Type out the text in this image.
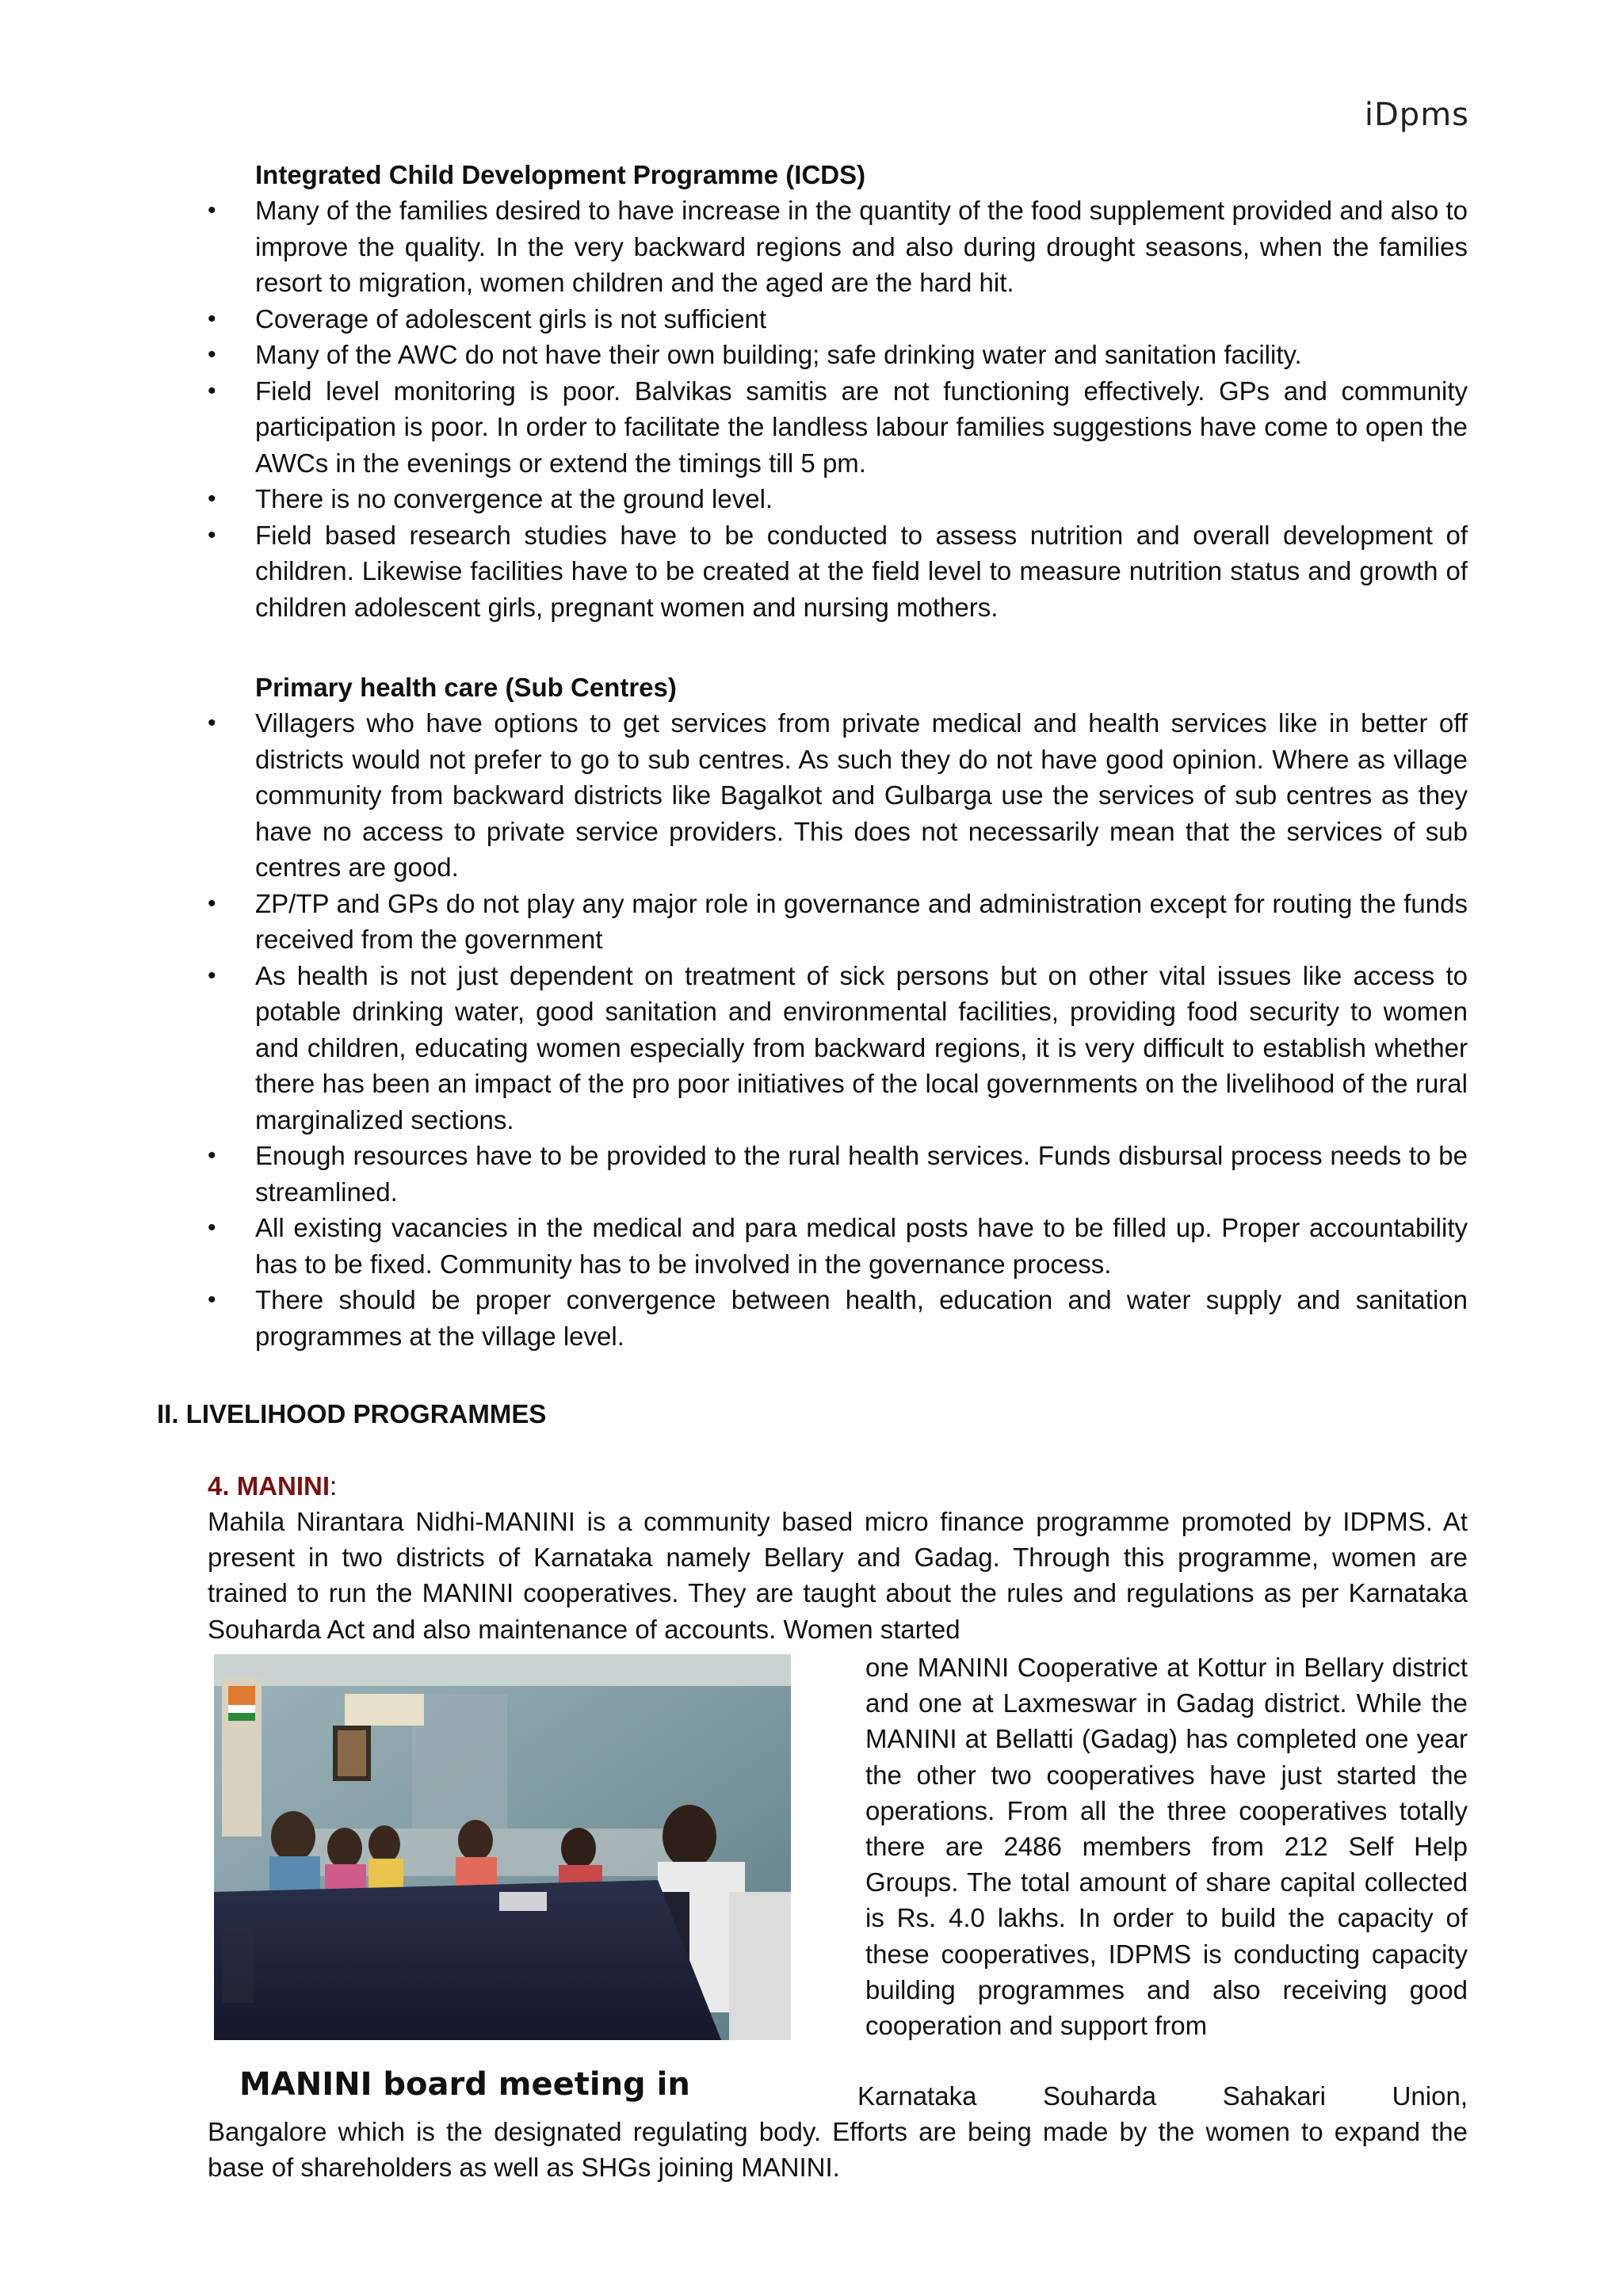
iDpms

Integrated Child Development Programme (ICDS)

• Many of the families desired to have increase in the quantity of the food supplement provided and also to improve the quality. In the very backward regions and also during drought seasons, when the families resort to migration, women children and the aged are the hard hit.
• Coverage of adolescent girls is not sufficient
• Many of the AWC do not have their own building; safe drinking water and sanitation facility.
• Field level monitoring is poor. Balvikas samitis are not functioning effectively. GPs and community participation is poor. In order to facilitate the landless labour families suggestions have come to open the AWCs in the evenings or extend the timings till 5 pm.
• There is no convergence at the ground level.
• Field based research studies have to be conducted to assess nutrition and overall development of children. Likewise facilities have to be created at the field level to measure nutrition status and growth of children adolescent girls, pregnant women and nursing mothers.

Primary health care (Sub Centres)

• Villagers who have options to get services from private medical and health services like in better off districts would not prefer to go to sub centres. As such they do not have good opinion. Where as village community from backward districts like Bagalkot and Gulbarga use the services of sub centres as they have no access to private service providers. This does not necessarily mean that the services of sub centres are good.
• ZP/TP and GPs do not play any major role in governance and administration except for routing the funds received from the government
• As health is not just dependent on treatment of sick persons but on other vital issues like access to potable drinking water, good sanitation and environmental facilities, providing food security to women and children, educating women especially from backward regions, it is very difficult to establish whether there has been an impact of the pro poor initiatives of the local governments on the livelihood of the rural marginalized sections.
• Enough resources have to be provided to the rural health services. Funds disbursal process needs to be streamlined.
• All existing vacancies in the medical and para medical posts have to be filled up. Proper accountability has to be fixed. Community has to be involved in the governance process.
• There should be proper convergence between health, education and water supply and sanitation programmes at the village level.
II. LIVELIHOOD PROGRAMMES
4. MANINI:
Mahila Nirantara Nidhi-MANINI is a community based micro finance programme promoted by IDPMS. At present in two districts of Karnataka namely Bellary and Gadag. Through this programme, women are trained to run the MANINI cooperatives. They are taught about the rules and regulations as per Karnataka Souharda Act and also maintenance of accounts. Women started
MANINI board meeting in
one MANINI Cooperative at Kottur in Bellary district and one at Laxmeswar in Gadag district. While the MANINI at Bellatti (Gadag) has completed one year the other two cooperatives have just started the operations. From all the three cooperatives totally there are 2486 members from 212 Self Help Groups. The total amount of share capital collected is Rs. 4.0 lakhs. In order to build the capacity of these cooperatives, IDPMS is conducting capacity building programmes and also receiving good cooperation and support from
Karnataka Souharda Sahakari Union,
Bangalore which is the designated regulating body. Efforts are being made by the women to expand the base of shareholders as well as SHGs joining MANINI.
